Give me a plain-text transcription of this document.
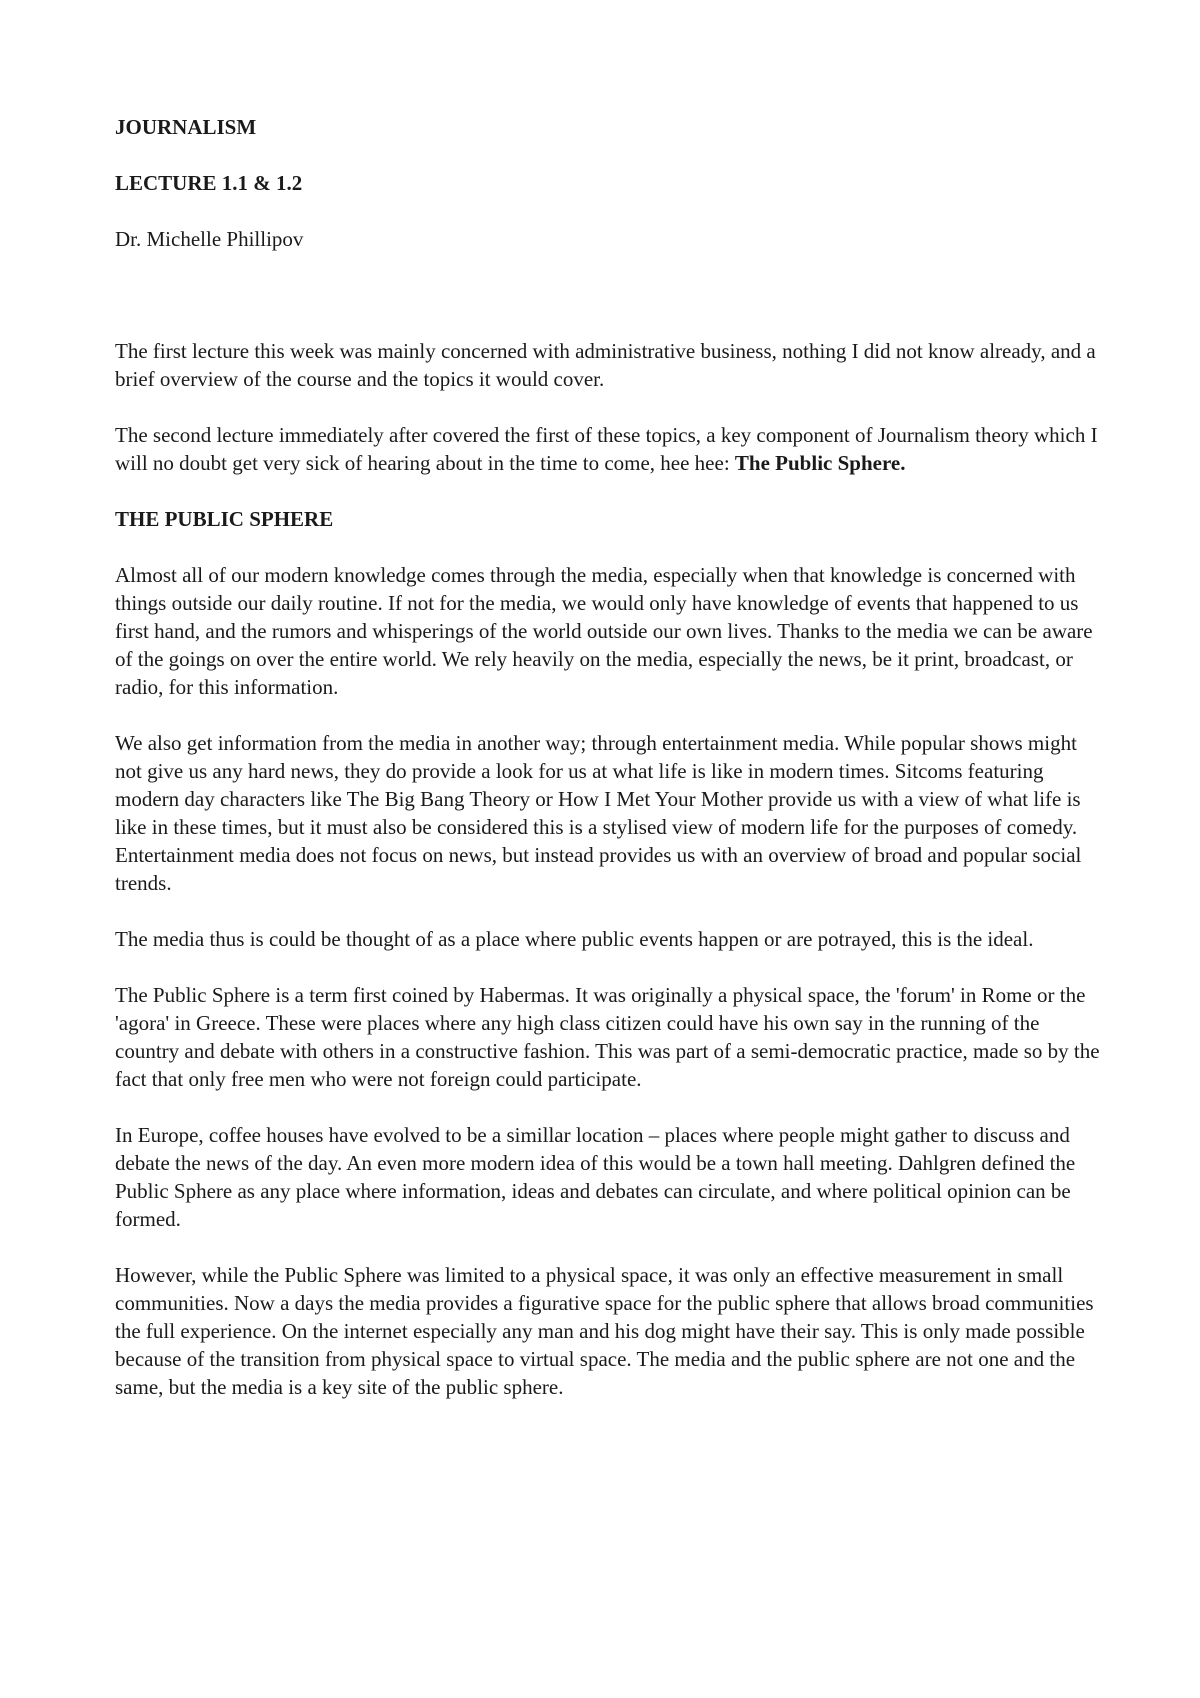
JOURNALISM

LECTURE 1.1 & 1.2

Dr. Michelle Phillipov

The first lecture this week was mainly concerned with administrative business, nothing I did not know already, and a brief overview of the course and the topics it would cover.

The second lecture immediately after covered the first of these topics, a key component of Journalism theory which I will no doubt get very sick of hearing about in the time to come, hee hee: The Public Sphere.

THE PUBLIC SPHERE

Almost all of our modern knowledge comes through the media, especially when that knowledge is concerned with things outside our daily routine. If not for the media, we would only have knowledge of events that happened to us first hand, and the rumors and whisperings of the world outside our own lives. Thanks to the media we can be aware of the goings on over the entire world. We rely heavily on the media, especially the news, be it print, broadcast, or radio, for this information.

We also get information from the media in another way; through entertainment media. While popular shows might not give us any hard news, they do provide a look for us at what life is like in modern times. Sitcoms featuring modern day characters like The Big Bang Theory or How I Met Your Mother provide us with a view of what life is like in these times, but it must also be considered this is a stylised view of modern life for the purposes of comedy. Entertainment media does not focus on news, but instead provides us with an overview of broad and popular social trends.

The media thus is could be thought of as a place where public events happen or are potrayed, this is the ideal.

The Public Sphere is a term first coined by Habermas. It was originally a physical space, the 'forum' in Rome or the 'agora' in Greece. These were places where any high class citizen could have his own say in the running of the country and debate with others in a constructive fashion. This was part of a semi-democratic practice, made so by the fact that only free men who were not foreign could participate.

In Europe, coffee houses have evolved to be a simillar location – places where people might gather to discuss and debate the news of the day. An even more modern idea of this would be a town hall meeting. Dahlgren defined the Public Sphere as any place where information, ideas and debates can circulate, and where political opinion can be formed.

However, while the Public Sphere was limited to a physical space, it was only an effective measurement in small communities. Now a days the media provides a figurative space for the public sphere that allows broad communities the full experience. On the internet especially any man and his dog might have their say. This is only made possible because of the transition from physical space to virtual space. The media and the public sphere are not one and the same, but the media is a key site of the public sphere.
